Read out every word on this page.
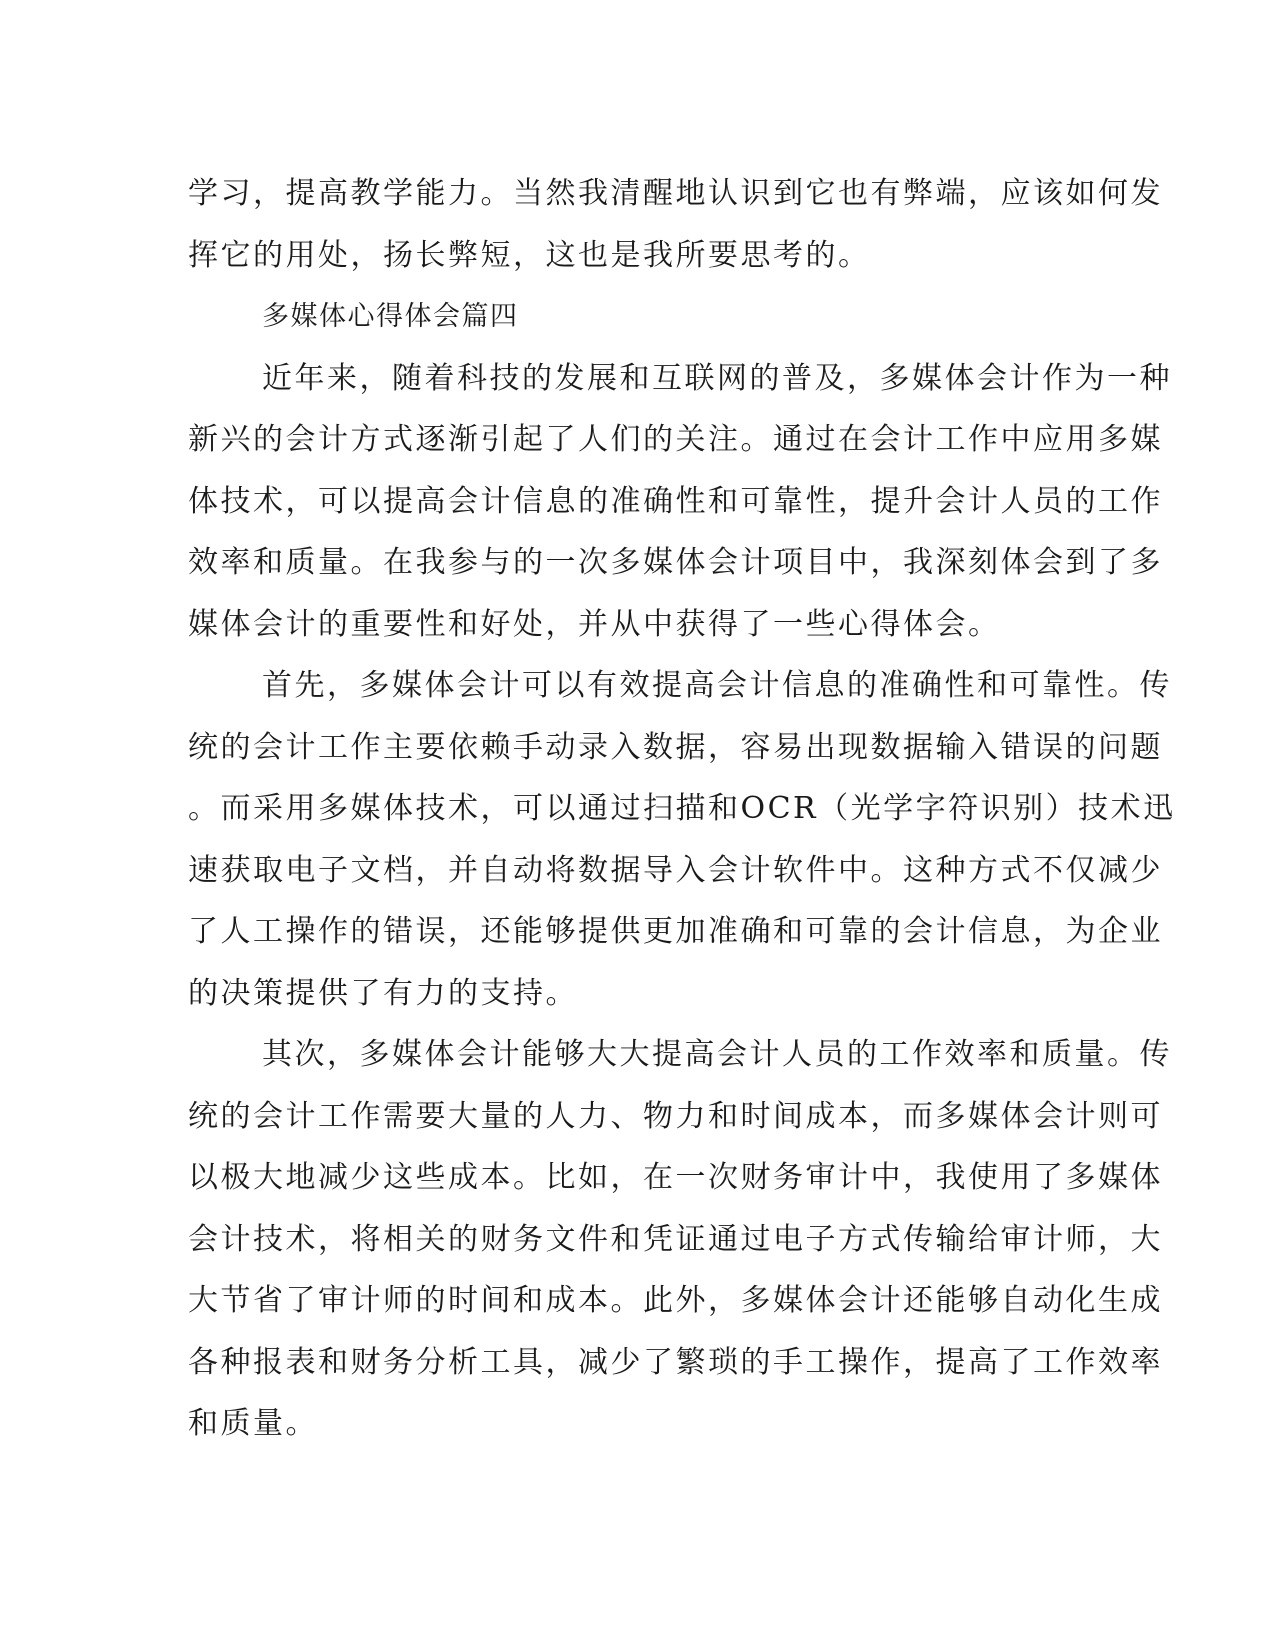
学习，提高教学能力。当然我清醒地认识到它也有弊端，应该如何发
挥它的用处，扬长弊短，这也是我所要思考的。

多媒体心得体会篇四

近年来，随着科技的发展和互联网的普及，多媒体会计作为一种
新兴的会计方式逐渐引起了人们的关注。通过在会计工作中应用多媒
体技术，可以提高会计信息的准确性和可靠性，提升会计人员的工作
效率和质量。在我参与的一次多媒体会计项目中，我深刻体会到了多
媒体会计的重要性和好处，并从中获得了一些心得体会。

首先，多媒体会计可以有效提高会计信息的准确性和可靠性。传
统的会计工作主要依赖手动录入数据，容易出现数据输入错误的问题
。而采用多媒体技术，可以通过扫描和OCR（光学字符识别）技术迅
速获取电子文档，并自动将数据导入会计软件中。这种方式不仅减少
了人工操作的错误，还能够提供更加准确和可靠的会计信息，为企业
的决策提供了有力的支持。

其次，多媒体会计能够大大提高会计人员的工作效率和质量。传
统的会计工作需要大量的人力、物力和时间成本，而多媒体会计则可
以极大地减少这些成本。比如，在一次财务审计中，我使用了多媒体
会计技术，将相关的财务文件和凭证通过电子方式传输给审计师，大
大节省了审计师的时间和成本。此外，多媒体会计还能够自动化生成
各种报表和财务分析工具，减少了繁琐的手工操作，提高了工作效率
和质量。
